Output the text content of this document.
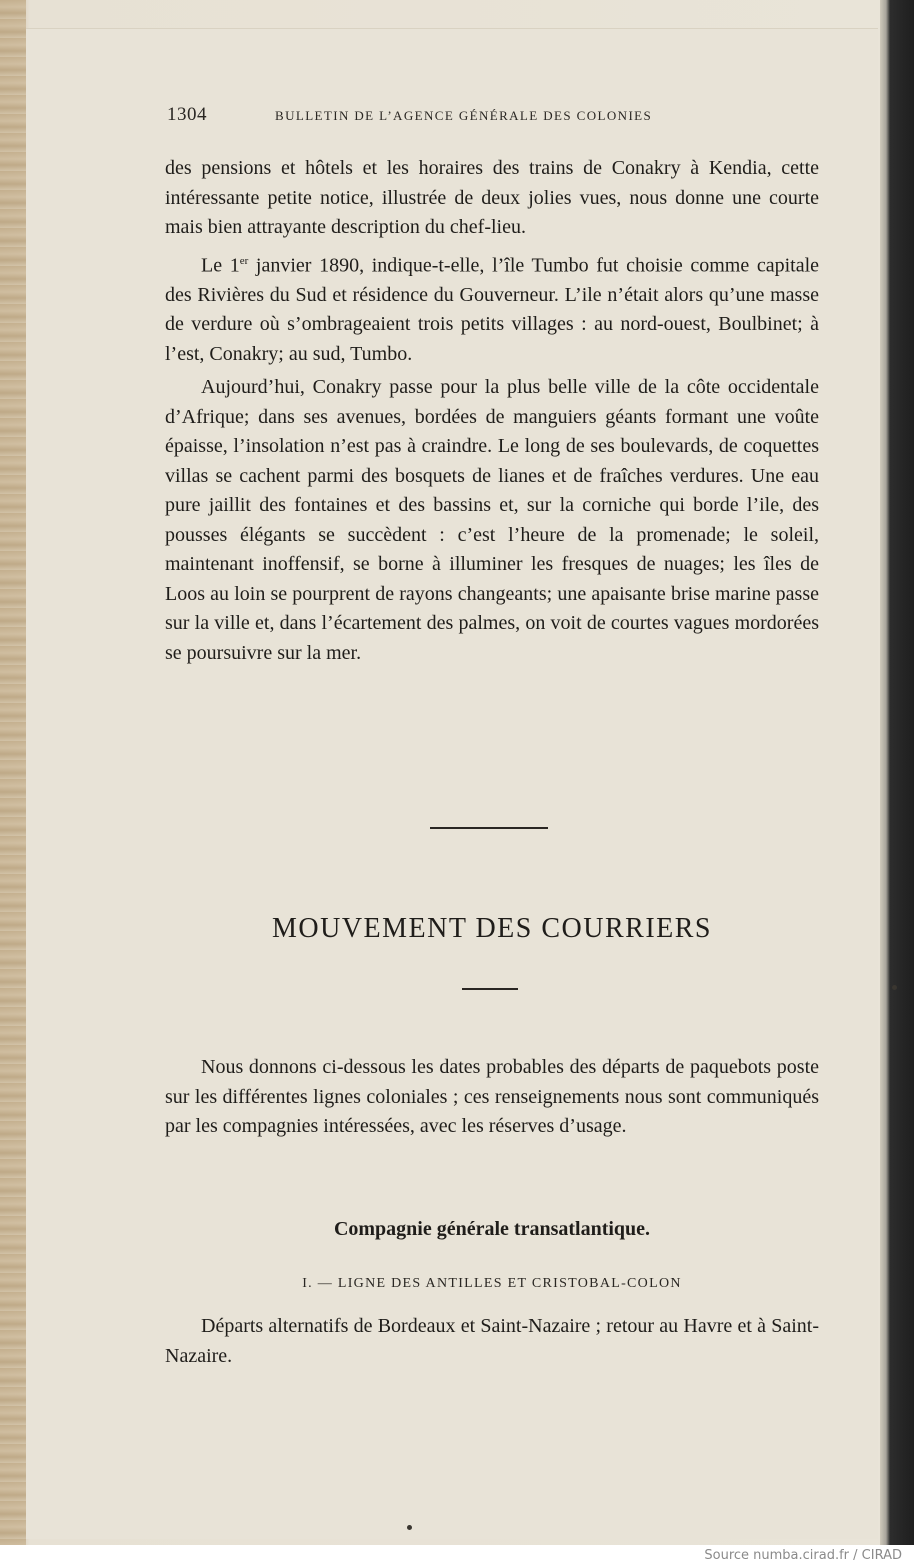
1304	BULLETIN DE L’AGENCE GÉNÉRALE DES COLONIES

des pensions et hôtels et les horaires des trains de Conakry à Kendia, cette intéressante petite notice, illustrée de deux jolies vues, nous donne une courte mais bien attrayante description du chef-lieu.

Le 1er janvier 1890, indique-t-elle, l’île Tumbo fut choisie comme capitale des Rivières du Sud et résidence du Gouverneur. L’ile n’était alors qu’une masse de verdure où s’ombrageaient trois petits villages : au nord-ouest, Boulbinet; à l’est, Conakry; au sud, Tumbo.

Aujourd’hui, Conakry passe pour la plus belle ville de la côte occidentale d’Afrique; dans ses avenues, bordées de manguiers géants formant une voûte épaisse, l’insolation n’est pas à craindre. Le long de ses boulevards, de coquettes villas se cachent parmi des bosquets de lianes et de fraîches verdures. Une eau pure jaillit des fontaines et des bassins et, sur la corniche qui borde l’ile, des pousses élégants se succèdent : c’est l’heure de la promenade; le soleil, maintenant inoffensif, se borne à illuminer les fresques de nuages; les îles de Loos au loin se pourprent de rayons changeants; une apaisante brise marine passe sur la ville et, dans l’écartement des palmes, on voit de courtes vagues mordorées se poursuivre sur la mer.

MOUVEMENT DES COURRIERS
Nous donnons ci-dessous les dates probables des départs de paquebots poste sur les différentes lignes coloniales ; ces renseignements nous sont communiqués par les compagnies intéressées, avec les réserves d’usage.
Compagnie générale transatlantique.
I. — LIGNE DES ANTILLES ET CRISTOBAL-COLON
Départs alternatifs de Bordeaux et Saint-Nazaire ; retour au Havre et à Saint-Nazaire.
Source numba.cirad.fr / CIRAD
